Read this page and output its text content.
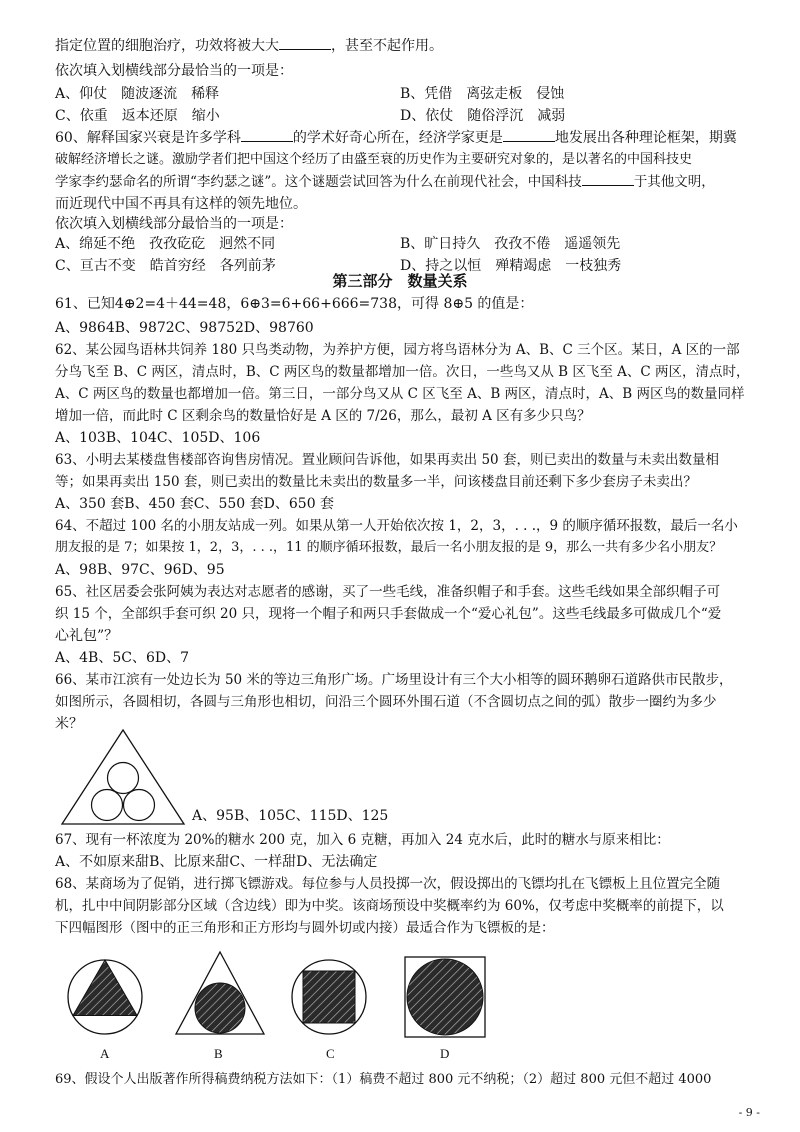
指定位置的细胞治疗，功效将被大大	，甚至不起作用。
依次填入划横线部分最恰当的一项是：
A、仰仗　随波逐流　稀释	B、凭借　离弦走板　侵蚀
C、依重　返本还原　缩小	D、依仗　随俗浮沉　减弱
60、解释国家兴衰是许多学科	的学术好奇心所在，经济学家更是	地发展出各种理论框架，期冀
破解经济增长之谜。激励学者们把中国这个经历了由盛至衰的历史作为主要研究对象的，是以著名的中国科技史
学家李约瑟命名的所谓“李约瑟之谜”。这个谜题尝试回答为什么在前现代社会，中国科技	于其他文明，
而近现代中国不再具有这样的领先地位。
依次填入划横线部分最恰当的一项是：
A、绵延不绝　孜孜矻矻　迥然不同	B、旷日持久　孜孜不倦　遥遥领先
C、亘古不变　皓首穷经　各列前茅	D、持之以恒　殚精竭虑　一枝独秀
第三部分　数量关系
61、已知4⊕2=4＋44=48，6⊕3=6+66+666=738，可得 8⊕5 的值是：
A、9864B、9872C、98752D、98760
62、某公园鸟语林共饲养 180 只鸟类动物，为养护方便，园方将鸟语林分为 A、B、C 三个区。某日，A 区的一部
分鸟飞至 B、C 两区，清点时，B、C 两区鸟的数量都增加一倍。次日，一些鸟又从 B 区飞至 A、C 两区，清点时，
A、C 两区鸟的数量也都增加一倍。第三日，一部分鸟又从 C 区飞至 A、B 两区，清点时，A、B 两区鸟的数量同样
增加一倍，而此时 C 区剩余鸟的数量恰好是 A 区的 7/26，那么，最初 A 区有多少只鸟？
A、103B、104C、105D、106
63、小明去某楼盘售楼部咨询售房情况。置业顾问告诉他，如果再卖出 50 套，则已卖出的数量与未卖出数量相
等；如果再卖出 150 套，则已卖出的数量比未卖出的数量多一半，问该楼盘目前还剩下多少套房子未卖出？
A、350 套B、450 套C、550 套D、650 套
64、不超过 100 名的小朋友站成一列。如果从第一人开始依次按 1，2，3，. . .，9 的顺序循环报数，最后一名小
朋友报的是 7；如果按 1，2，3，. . .，11 的顺序循环报数，最后一名小朋友报的是 9，那么一共有多少名小朋友？
A、98B、97C、96D、95
65、社区居委会张阿姨为表达对志愿者的感谢，买了一些毛线，准备织帽子和手套。这些毛线如果全部织帽子可
织 15 个，全部织手套可织 20 只，现将一个帽子和两只手套做成一个“爱心礼包”。这些毛线最多可做成几个“爱
心礼包”？
A、4B、5C、6D、7
66、某市江滨有一处边长为 50 米的等边三角形广场。广场里设计有三个大小相等的圆环鹅卵石道路供市民散步，
如图所示，各圆相切，各圆与三角形也相切，问沿三个圆环外围石道（不含圆切点之间的弧）散步一圈约为多少
米？
A、95B、105C、115D、125
67、现有一杯浓度为 20%的糖水 200 克，加入 6 克糖，再加入 24 克水后，此时的糖水与原来相比：
A、不如原来甜B、比原来甜C、一样甜D、无法确定
68、某商场为了促销，进行掷飞镖游戏。每位参与人员投掷一次，假设掷出的飞镖均扎在飞镖板上且位置完全随
机，扎中中间阴影部分区域（含边线）即为中奖。该商场预设中奖概率约为 60%，仅考虑中奖概率的前提下，以
下四幅图形（图中的正三角形和正方形均与圆外切或内接）最适合作为飞镖板的是：
A	B	C	D
69、假设个人出版著作所得稿费纳税方法如下：（1）稿费不超过 800 元不纳税；（2）超过 800 元但不超过 4000
- 9 -
